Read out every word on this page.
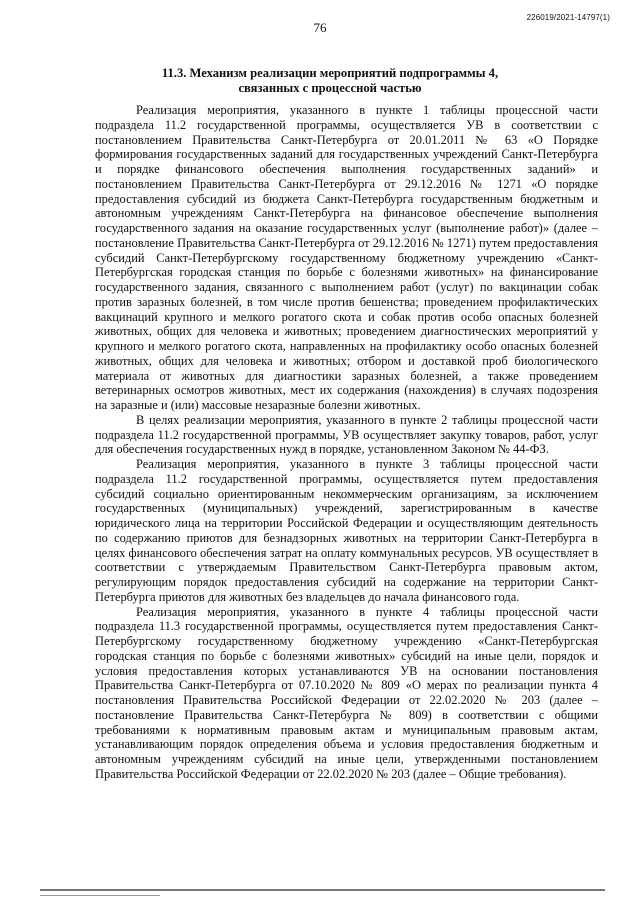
76
226019/2021-14797(1)
11.3. Механизм реализации мероприятий подпрограммы 4,
связанных с процессной частью

Реализация мероприятия, указанного в пункте 1 таблицы процессной части подраздела 11.2 государственной программы, осуществляется УВ в соответствии с постановлением Правительства Санкт-Петербурга от 20.01.2011 № 63 «О Порядке формирования государственных заданий для государственных учреждений Санкт-Петербурга и порядке финансового обеспечения выполнения государственных заданий» и постановлением Правительства Санкт-Петербурга от 29.12.2016 № 1271 «О порядке предоставления субсидий из бюджета Санкт-Петербурга государственным бюджетным и автономным учреждениям Санкт-Петербурга на финансовое обеспечение выполнения государственного задания на оказание государственных услуг (выполнение работ)» (далее – постановление Правительства Санкт-Петербурга от 29.12.2016 № 1271) путем предоставления субсидий Санкт-Петербургскому государственному бюджетному учреждению «Санкт-Петербургская городская станция по борьбе с болезнями животных» на финансирование государственного задания, связанного с выполнением работ (услуг) по вакцинации собак против заразных болезней, в том числе против бешенства; проведением профилактических вакцинаций крупного и мелкого рогатого скота и собак против особо опасных болезней животных, общих для человека и животных; проведением диагностических мероприятий у крупного и мелкого рогатого скота, направленных на профилактику особо опасных болезней животных, общих для человека и животных; отбором и доставкой проб биологического материала от животных для диагностики заразных болезней, а также проведением ветеринарных осмотров животных, мест их содержания (нахождения) в случаях подозрения на заразные и (или) массовые незаразные болезни животных.

В целях реализации мероприятия, указанного в пункте 2 таблицы процессной части подраздела 11.2 государственной программы, УВ осуществляет закупку товаров, работ, услуг для обеспечения государственных нужд в порядке, установленном Законом № 44-ФЗ.

Реализация мероприятия, указанного в пункте 3 таблицы процессной части подраздела 11.2 государственной программы, осуществляется путем предоставления субсидий социально ориентированным некоммерческим организациям, за исключением государственных (муниципальных) учреждений, зарегистрированным в качестве юридического лица на территории Российской Федерации и осуществляющим деятельность по содержанию приютов для безнадзорных животных на территории Санкт-Петербурга в целях финансового обеспечения затрат на оплату коммунальных ресурсов. УВ осуществляет в соответствии с утверждаемым Правительством Санкт-Петербурга правовым актом, регулирующим порядок предоставления субсидий на содержание на территории Санкт-Петербурга приютов для животных без владельцев до начала финансового года.

Реализация мероприятия, указанного в пункте 4 таблицы процессной части подраздела 11.3 государственной программы, осуществляется путем предоставления Санкт-Петербургскому государственному бюджетному учреждению «Санкт-Петербургская городская станция по борьбе с болезнями животных» субсидий на иные цели, порядок и условия предоставления которых устанавливаются УВ на основании постановления Правительства Санкт-Петербурга от 07.10.2020 № 809 «О мерах по реализации пункта 4 постановления Правительства Российской Федерации от 22.02.2020 № 203 (далее – постановление Правительства Санкт-Петербурга № 809) в соответствии с общими требованиями к нормативным правовым актам и муниципальным правовым актам, устанавливающим порядок определения объема и условия предоставления бюджетным и автономным учреждениям субсидий на иные цели, утвержденными постановлением Правительства Российской Федерации от 22.02.2020 № 203 (далее – Общие требования).
